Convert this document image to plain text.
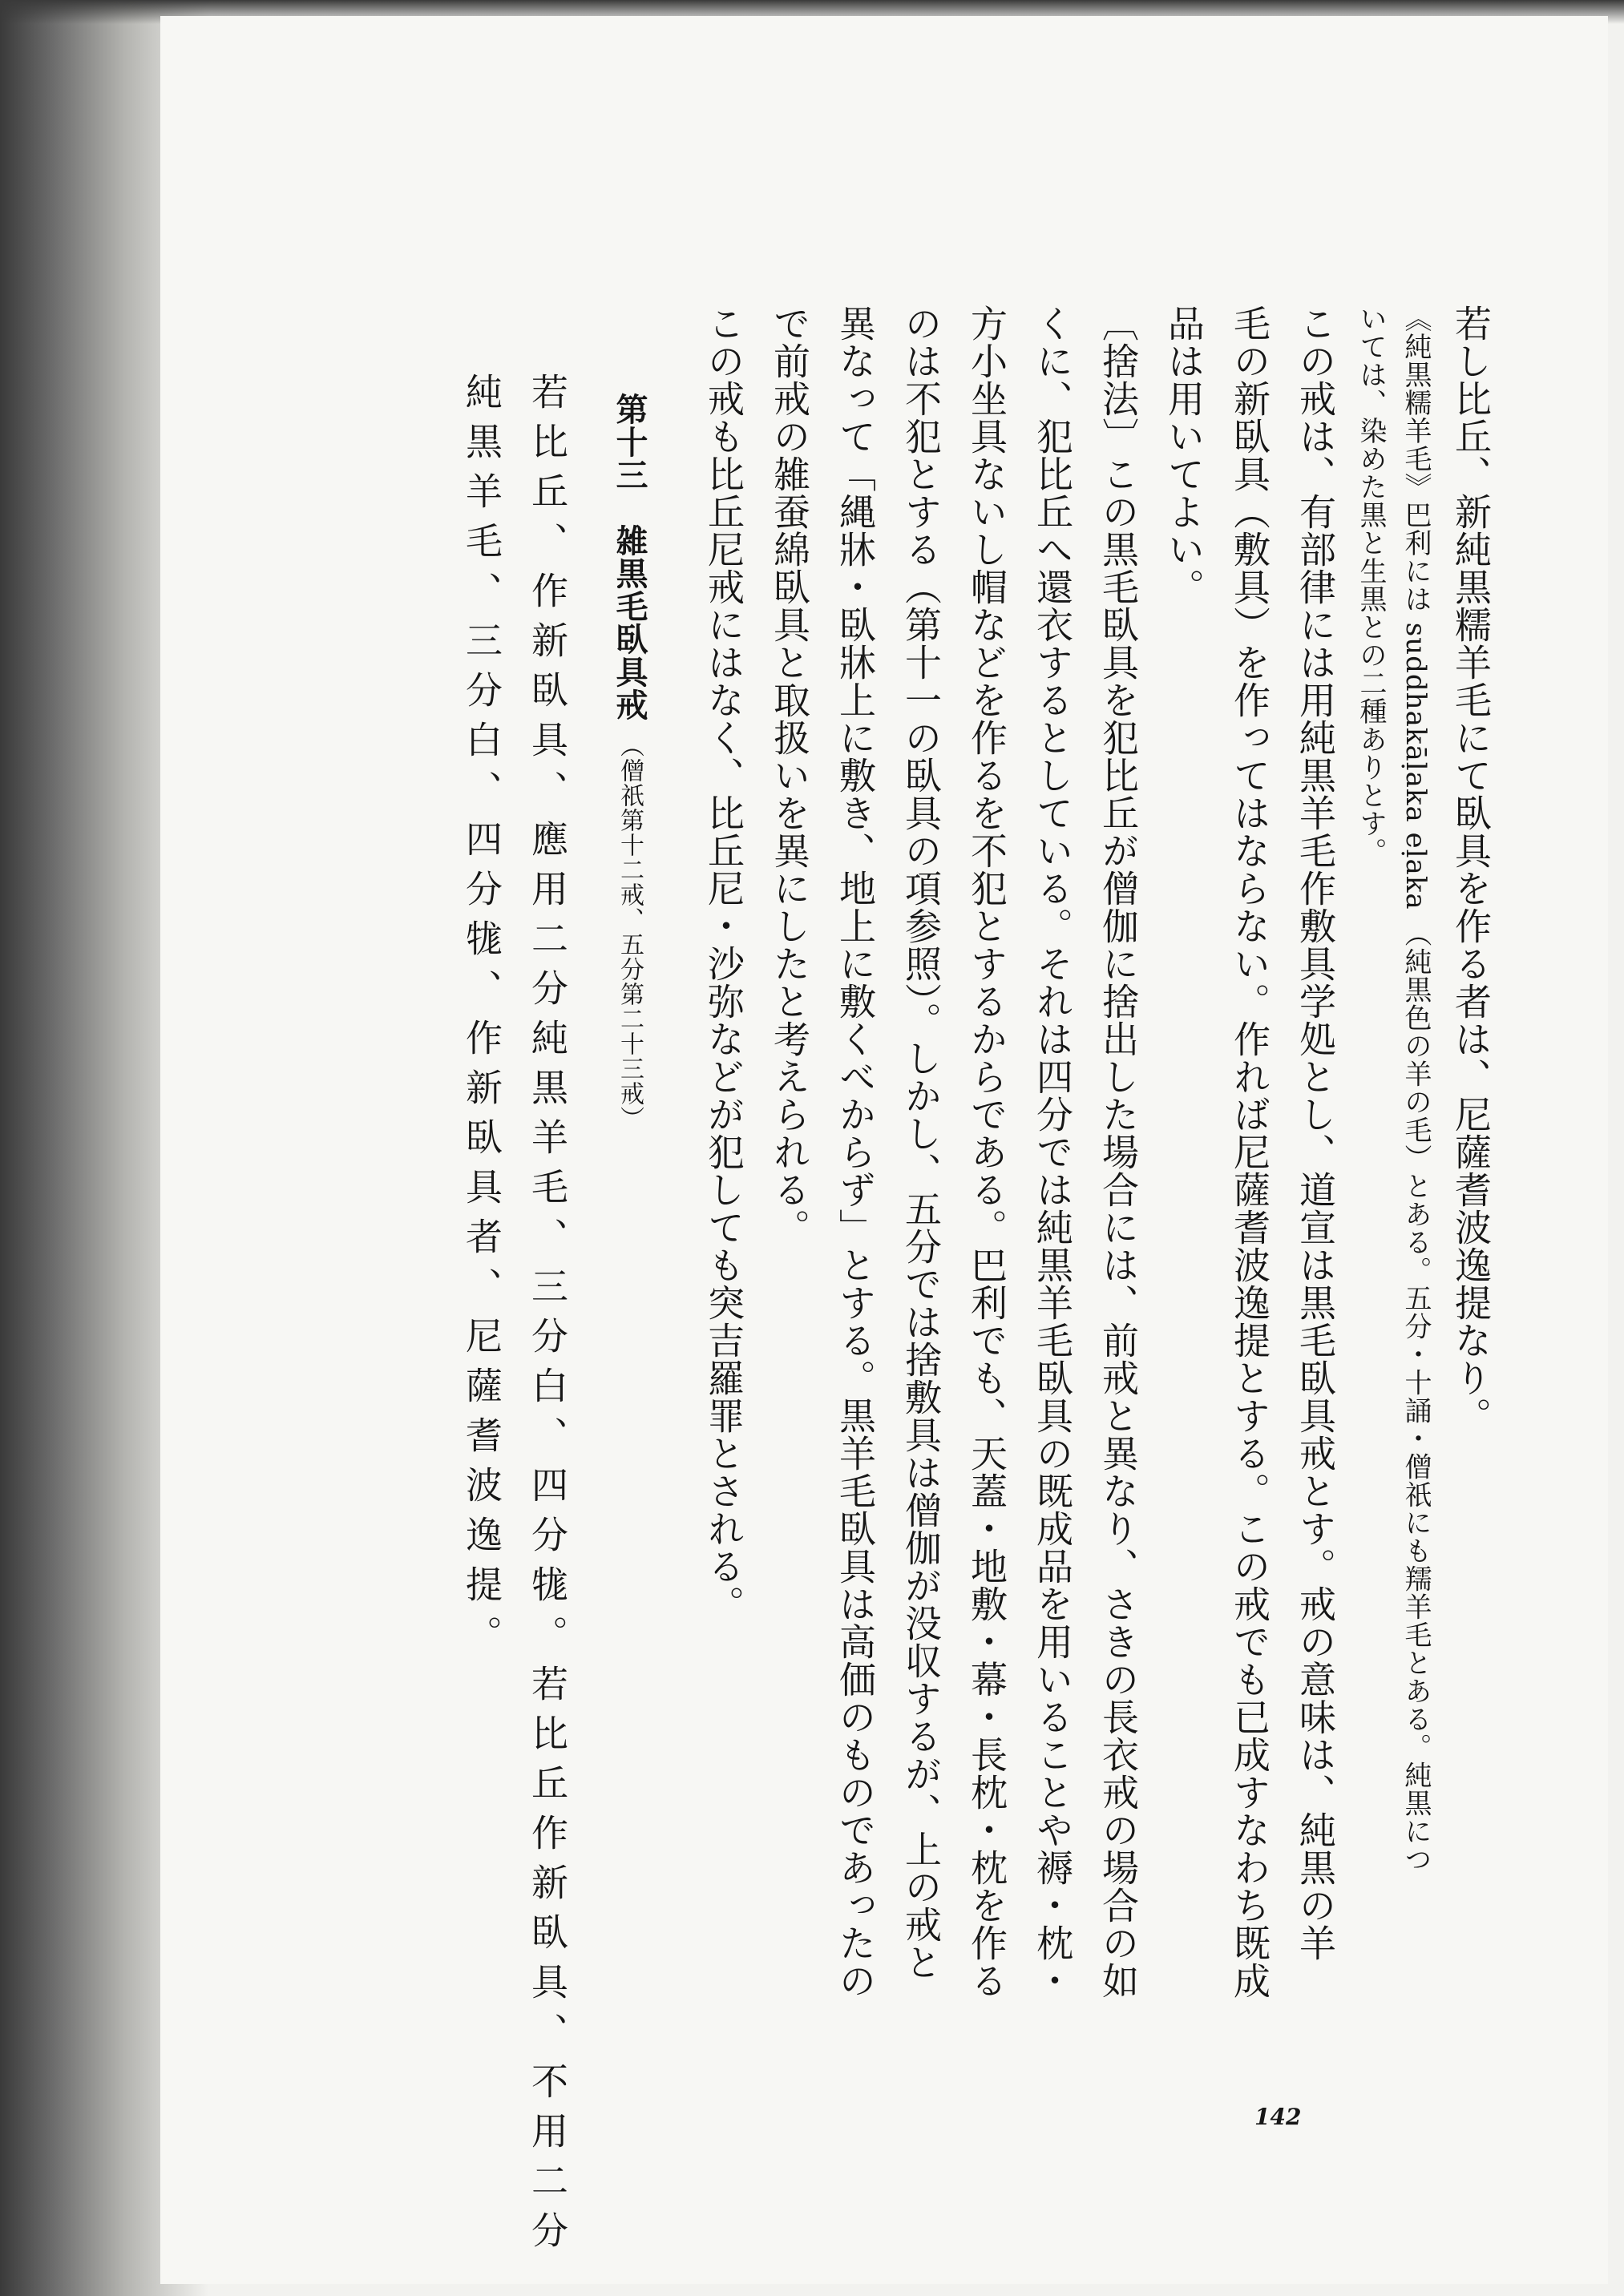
若し比丘、新純黒糯羊毛にて臥具を作る者は、尼薩耆波逸提なり。
《純黒糯羊毛》巴利には suddhakāḷaka eḷaka （純黒色の羊の毛）とある。五分・十誦・僧祇にも羺羊毛とある。純黒につ
いては、染めた黒と生黒との二種ありとす。
この戒は、有部律には用純黒羊毛作敷具学処とし、道宣は黒毛臥具戒とす。戒の意味は、純黒の羊
毛の新臥具（敷具）を作ってはならない。作れば尼薩耆波逸提とする。この戒でも已成すなわち既成
品は用いてよい。
〔捨法〕この黒毛臥具を犯比丘が僧伽に捨出した場合には、前戒と異なり、さきの長衣戒の場合の如
くに、犯比丘へ還衣するとしている。それは四分では純黒羊毛臥具の既成品を用いることや褥・枕・
方小坐具ないし帽などを作るを不犯とするからである。巴利でも、天蓋・地敷・幕・長枕・枕を作る
のは不犯とする（第十一の臥具の項参照）。しかし、五分では捨敷具は僧伽が没収するが、上の戒と
異なって「縄牀・臥牀上に敷き、地上に敷くべからず」とする。黒羊毛臥具は高価のものであったの
で前戒の雑蚕綿臥具と取扱いを異にしたと考えられる。
この戒も比丘尼戒にはなく、比丘尼・沙弥などが犯しても突吉羅罪とされる。
第十三　雑黒毛臥具戒 （僧祇第十二戒、五分第二十三戒）
若比丘、作新臥具、應用二分純黒羊毛、三分白、四分牻。若比丘作新臥具、不用二分
純黒羊毛、三分白、四分牻、作新臥具者、尼薩耆波逸提。
142
